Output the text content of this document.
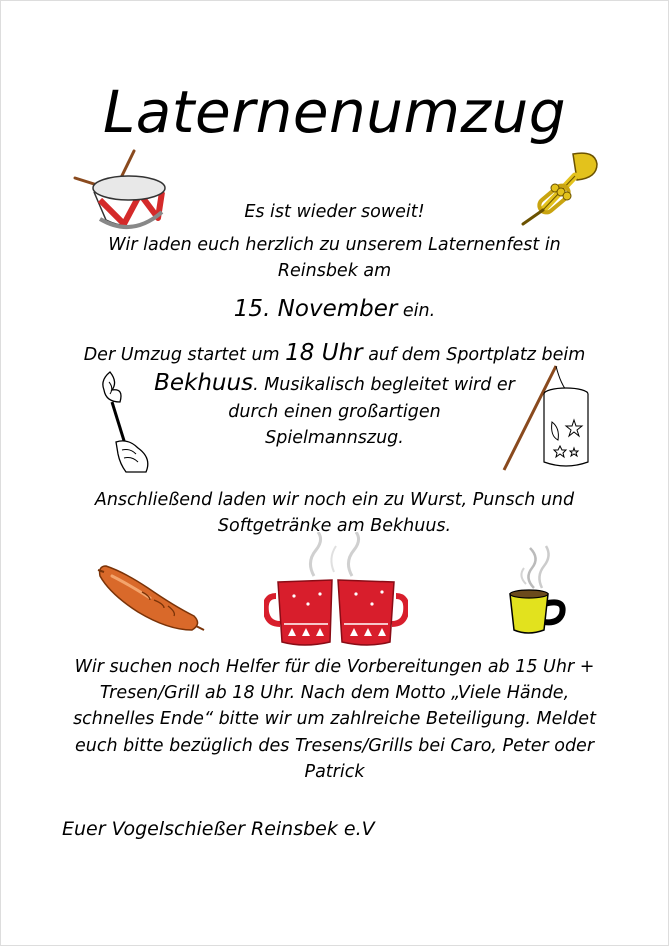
Laternenumzug
Es ist wieder soweit!
Wir laden euch herzlich zu unserem Laternenfest in
Reinsbek am
15. November ein.
Der Umzug startet um 18 Uhr auf dem Sportplatz beim
Bekhuus. Musikalisch begleitet wird er
durch einen großartigen
Spielmannszug.
Anschließend laden wir noch ein zu Wurst, Punsch und
Softgetränke am Bekhuus.
Wir suchen noch Helfer für die Vorbereitungen ab 15 Uhr +
Tresen/Grill ab 18 Uhr. Nach dem Motto „Viele Hände,
schnelles Ende“ bitte wir um zahlreiche Beteiligung. Meldet
euch bitte bezüglich des Tresens/Grills bei Caro, Peter oder
Patrick
Euer Vogelschießer Reinsbek e.V
